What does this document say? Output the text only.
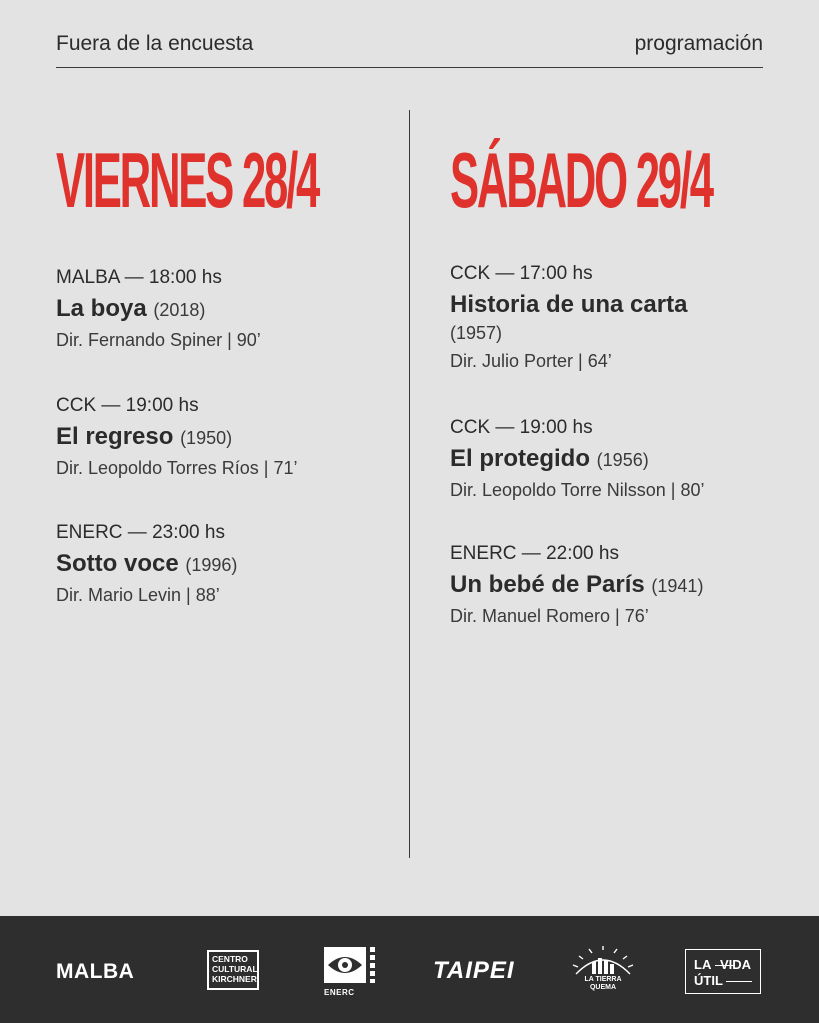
Fuera de la encuesta	programación
VIERNES 28/4
MALBA — 18:00 hs
La boya (2018)
Dir. Fernando Spiner | 90’
CCK — 19:00 hs
El regreso (1950)
Dir. Leopoldo Torres Ríos | 71’
ENERC — 23:00 hs
Sotto voce (1996)
Dir. Mario Levin | 88’
SÁBADO 29/4
CCK — 17:00 hs
Historia de una carta
(1957)
Dir. Julio Porter | 64’
CCK — 19:00 hs
El protegido (1956)
Dir. Leopoldo Torre Nilsson | 80’
ENERC — 22:00 hs
Un bebé de París (1941)
Dir. Manuel Romero | 76’
MALBA
CENTRO
CULTURAL
KIRCHNER
ENERC
TAIPEI	LA TIERRA
QUEMA
LA VIDA
ÚTIL
